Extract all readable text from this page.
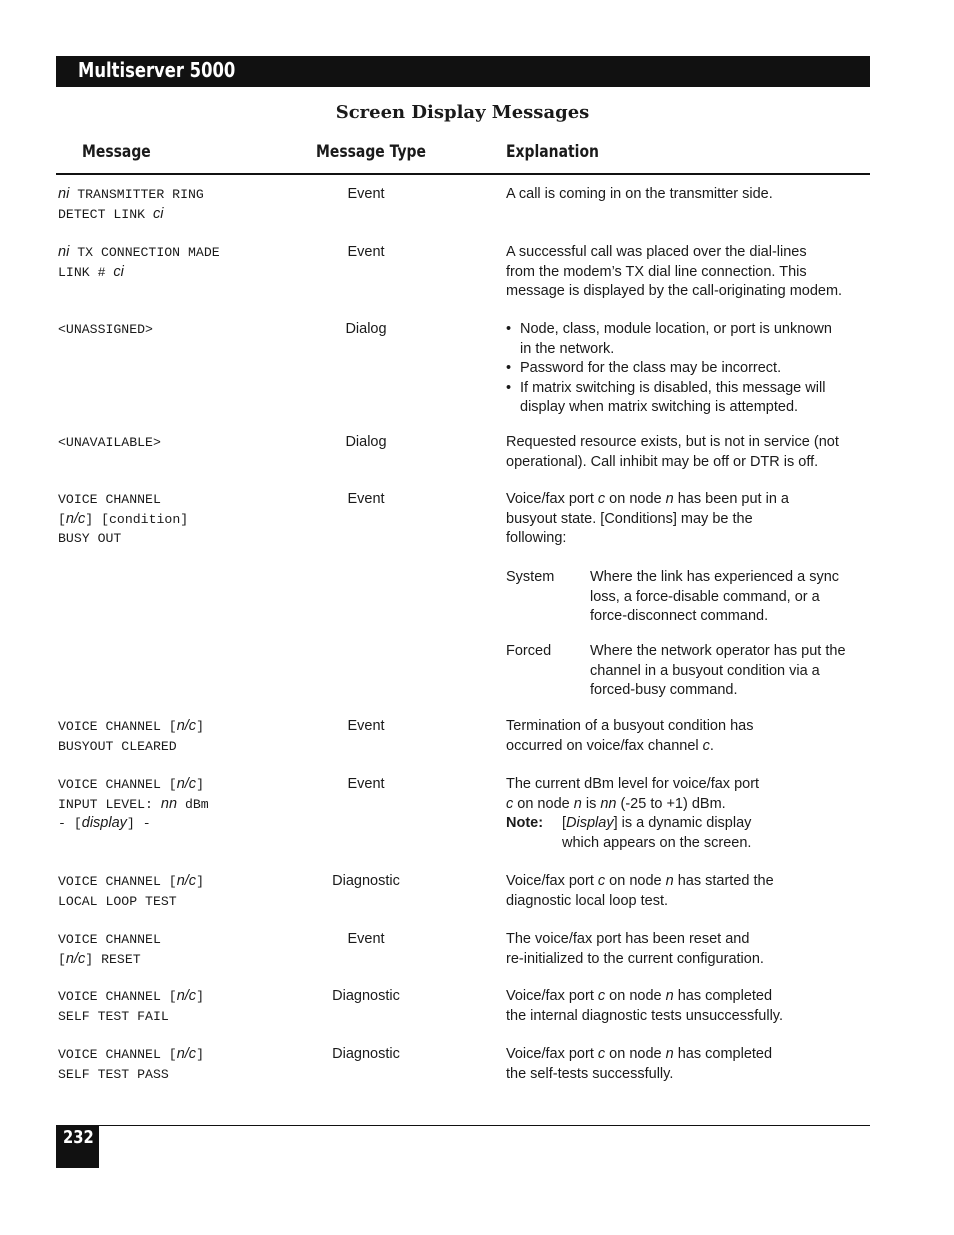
Multiserver 5000
Screen Display Messages
Message	Message Type	Explanation
ni TRANSMITTER RING
DETECT LINK ci
Event	A call is coming in on the transmitter side.
ni TX CONNECTION MADE
LINK # ci
Event	A successful call was placed over the dial-lines
from the modem’s TX dial line connection. This
message is displayed by the call-originating modem.
<UNASSIGNED>	Dialog
•	Node, class, module location, or port is unknown
in the network.
• Password for the class may be incorrect.
• If matrix switching is disabled, this message will
display when matrix switching is attempted.
<UNAVAILABLE>	Dialog	Requested resource exists, but is not in service (not
operational). Call inhibit may be off or DTR is off.
VOICE CHANNEL
[n/c] [condition]
BUSY OUT
Event	Voice/fax port c on node n has been put in a
busyout state. [Conditions] may be the
following:
System Where the link has experienced a sync
loss, a force-disable command, or a
force-disconnect command.
Forced	Where the network operator has put the
channel in a busyout condition via a
forced-busy command.
VOICE CHANNEL [n/c]
BUSYOUT CLEARED
Event	Termination of a busyout condition has
occurred on voice/fax channel c.
VOICE CHANNEL [n/c]
INPUT LEVEL: nn dBm
- [display] -
Event	The current dBm level for voice/fax port
c on node n is nn (-25 to +1) dBm.
Note: [Display] is a dynamic display
which appears on the screen.
VOICE CHANNEL [n/c]
LOCAL LOOP TEST
Diagnostic	Voice/fax port c on node n has started the
diagnostic local loop test.
VOICE CHANNEL
[n/c] RESET
Event	The voice/fax port has been reset and
re-initialized to the current configuration.
VOICE CHANNEL [n/c]
SELF TEST FAIL
Diagnostic	Voice/fax port c on node n has completed
the internal diagnostic tests unsuccessfully.
VOICE CHANNEL [n/c]
SELF TEST PASS
Diagnostic	Voice/fax port c on node n has completed
the self-tests successfully.
232
